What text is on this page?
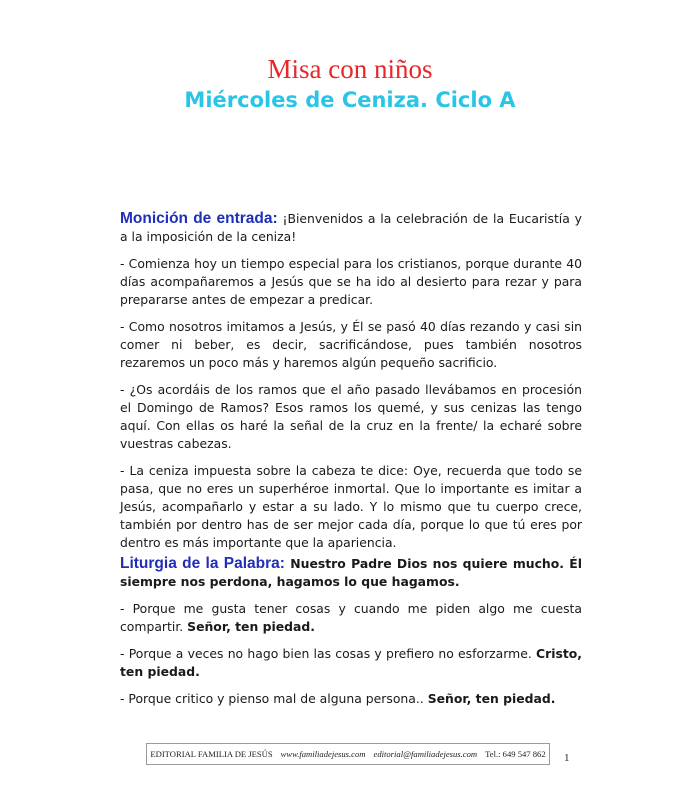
Misa con niños
Miércoles de Ceniza. Ciclo A

Monición de entrada: ¡Bienvenidos a la celebración de la Eucaristía y a la imposición de la ceniza!

- Comienza hoy un tiempo especial para los cristianos, porque durante 40 días acompañaremos a Jesús que se ha ido al desierto para rezar y para prepararse antes de empezar a predicar.

- Como nosotros imitamos a Jesús, y Él se pasó 40 días rezando y casi sin comer ni beber, es decir, sacrificándose, pues también nosotros rezaremos un poco más y haremos algún pequeño sacrificio.

- ¿Os acordáis de los ramos que el año pasado llevábamos en procesión el Domingo de Ramos? Esos ramos los quemé, y sus cenizas las tengo aquí. Con ellas os haré la señal de la cruz en la frente/ la echaré sobre vuestras cabezas.

- La ceniza impuesta sobre la cabeza te dice: Oye, recuerda que todo se pasa, que no eres un superhéroe inmortal. Que lo importante es imitar a Jesús, acompañarlo y estar a su lado. Y lo mismo que tu cuerpo crece, también por dentro has de ser mejor cada día, porque lo que tú eres por dentro es más importante que la apariencia.

Liturgia de la Palabra: Nuestro Padre Dios nos quiere mucho. Él siempre nos perdona, hagamos lo que hagamos.

- Porque me gusta tener cosas y cuando me piden algo me cuesta compartir. Señor, ten piedad.

- Porque a veces no hago bien las cosas y prefiero no esforzarme. Cristo, ten piedad.

- Porque critico y pienso mal de alguna persona.. Señor, ten piedad.

EDITORIAL FAMILIA DE JESÚS www.familiadejesus.com editorial@familiadejesus.com Tel.: 649 547 862 1
